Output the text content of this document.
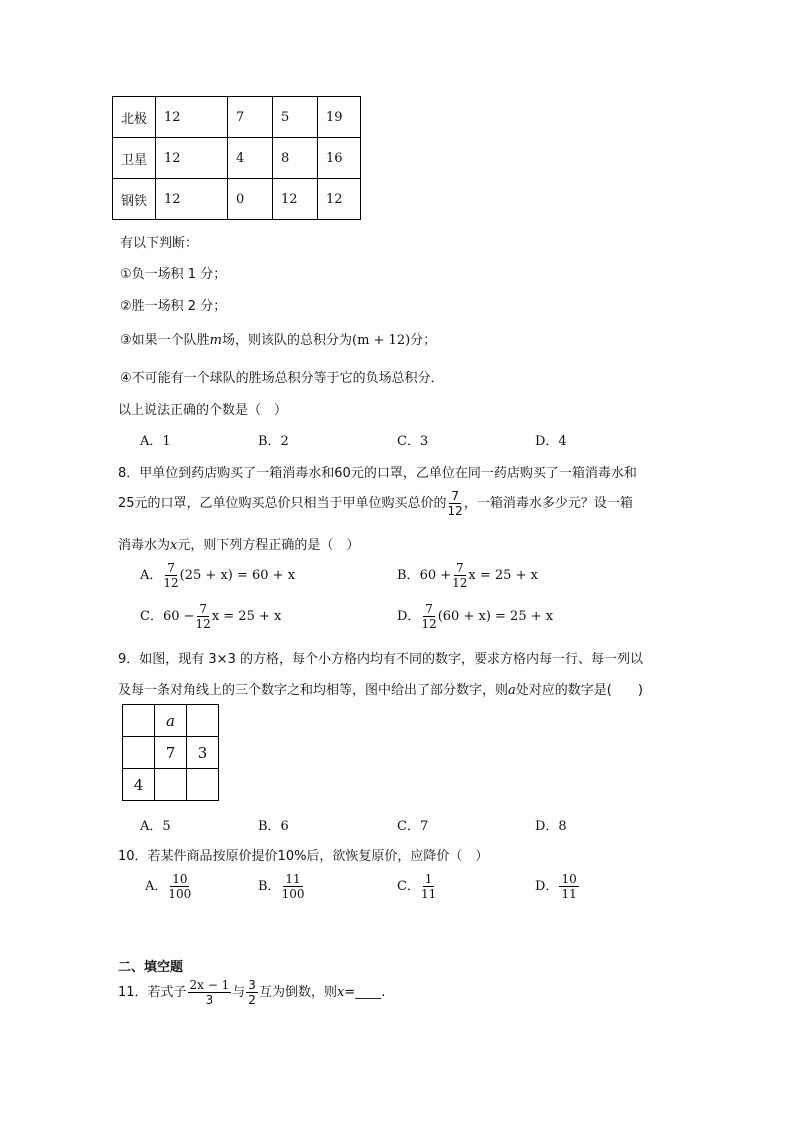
北极	12	7	5	19
卫星	12	4	8	16
钢铁	12	0	12	12
有以下判断：
①负一场积 1 分；
②胜一场积 2 分；
③如果一个队胜m场，则该队的总积分为(m + 12)分；
④不可能有一个球队的胜场总积分等于它的负场总积分．
以上说法正确的个数是（　）
A．1	B．2	C．3	D．4
8．甲单位到药店购买了一箱消毒水和60元的口罩，乙单位在同一药店购买了一箱消毒水和
25元的口罩，乙单位购买总价只相当于甲单位购买总价的 $\frac{7}{12}$ ，一箱消毒水多少元？设一箱
消毒水为x元，则下列方程正确的是（　）
A． $\frac{7}{12} (25 + x) = 60 + x$	B．$60 + \frac{7}{12}$ x = 25 + x
C．$60 - \frac{7}{12}$ x = 25 + x	D． $\frac{7}{12} (60 + x) = 25 + x$
9．如图，现有 3×3 的方格，每个小方格内均有不同的数字，要求方格内每一行、每一列以
及每一条对角线上的三个数字之和均相等，图中给出了部分数字，则a处对应的数字是(　　)
	a	
	7	3
4		
A．5	B．6	C．7	D．8
10．若某件商品按原价提价10%后，欲恢复原价，应降价（　）
A． $\frac{10}{100}$	B． $\frac{11}{100}$	C． $\frac{1}{11}$	D． $\frac{10}{11}$
二、填空题
11．若式子 $\frac{2x - 1}{3}$ 与 $\frac{3}{2}$ 互为倒数，则x=____.
